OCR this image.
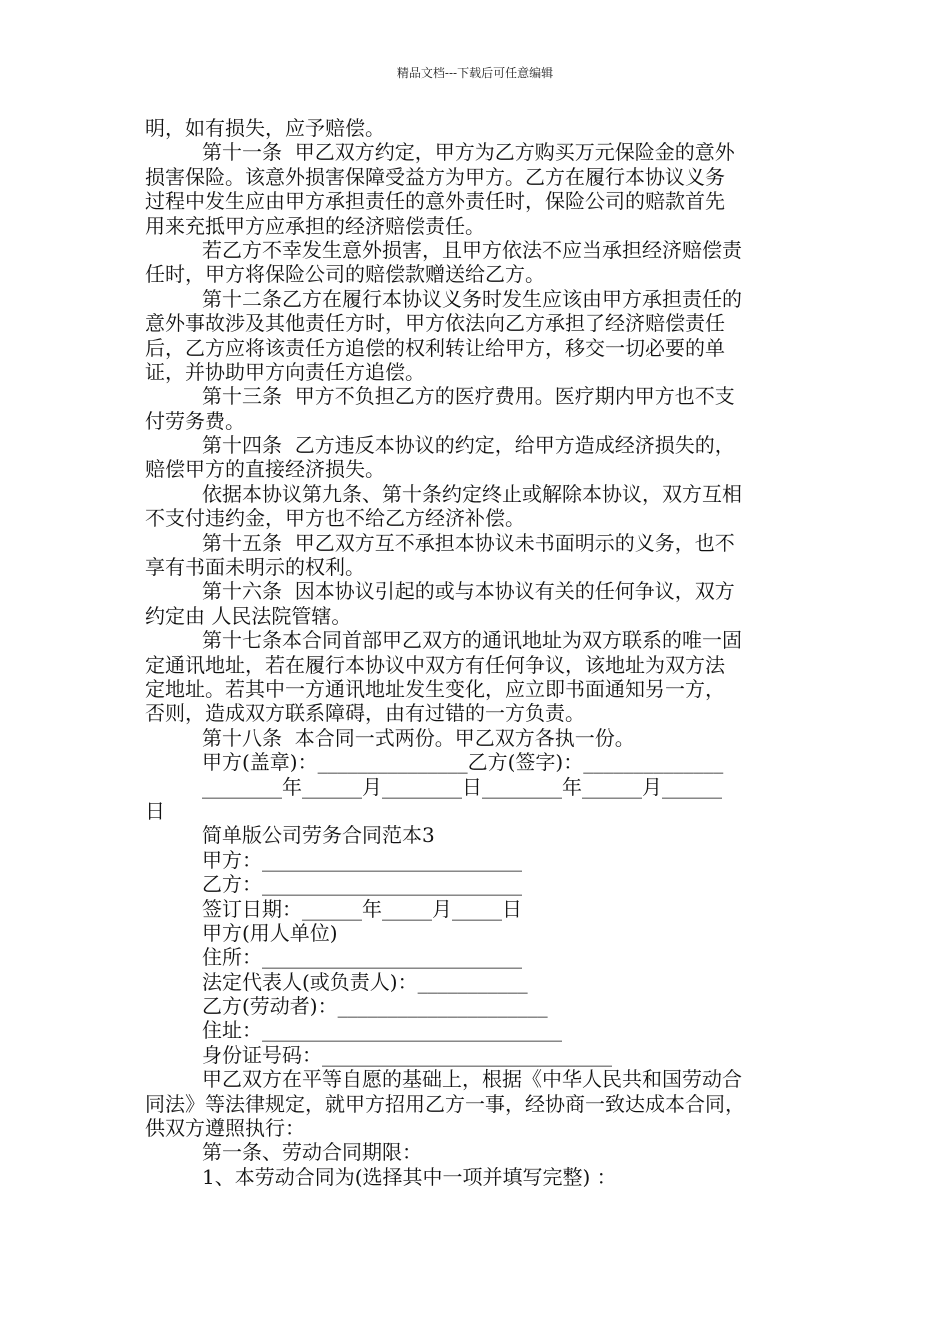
精品文档---下载后可任意编辑
明，如有损失，应予赔偿。
第十一条  甲乙双方约定，甲方为乙方购买万元保险金的意外
损害保险。该意外损害保障受益方为甲方。乙方在履行本协议义务
过程中发生应由甲方承担责任的意外责任时，保险公司的赔款首先
用来充抵甲方应承担的经济赔偿责任。
若乙方不幸发生意外损害，且甲方依法不应当承担经济赔偿责
任时，甲方将保险公司的赔偿款赠送给乙方。
第十二条乙方在履行本协议义务时发生应该由甲方承担责任的
意外事故涉及其他责任方时，甲方依法向乙方承担了经济赔偿责任
后，乙方应将该责任方追偿的权利转让给甲方，移交一切必要的单
证，并协助甲方向责任方追偿。
第十三条  甲方不负担乙方的医疗费用。医疗期内甲方也不支
付劳务费。
第十四条  乙方违反本协议的约定，给甲方造成经济损失的，
赔偿甲方的直接经济损失。
依据本协议第九条、第十条约定终止或解除本协议，双方互相
不支付违约金，甲方也不给乙方经济补偿。
第十五条  甲乙双方互不承担本协议未书面明示的义务，也不
享有书面未明示的权利。
第十六条  因本协议引起的或与本协议有关的任何争议，双方
约定由 人民法院管辖。
第十七条本合同首部甲乙双方的通讯地址为双方联系的唯一固
定通讯地址，若在履行本协议中双方有任何争议，该地址为双方法
定地址。若其中一方通讯地址发生变化，应立即书面通知另一方，
否则，造成双方联系障碍，由有过错的一方负责。
第十八条  本合同一式两份。甲乙双方各执一份。
甲方(盖章)：_______________乙方(签字)：______________
________年______月________日________年______月______
日
简单版公司劳务合同范本3
甲方：__________________________
乙方：__________________________
签订日期：______年_____月_____日
甲方(用人单位)
住所：__________________________
法定代表人(或负责人)：___________
乙方(劳动者)：_____________________
住址：______________________________
身份证号码：_____________________________
甲乙双方在平等自愿的基础上，根据《中华人民共和国劳动合
同法》等法律规定，就甲方招用乙方一事，经协商一致达成本合同，
供双方遵照执行：
第一条、劳动合同期限：
1、本劳动合同为(选择其中一项并填写完整) ：
